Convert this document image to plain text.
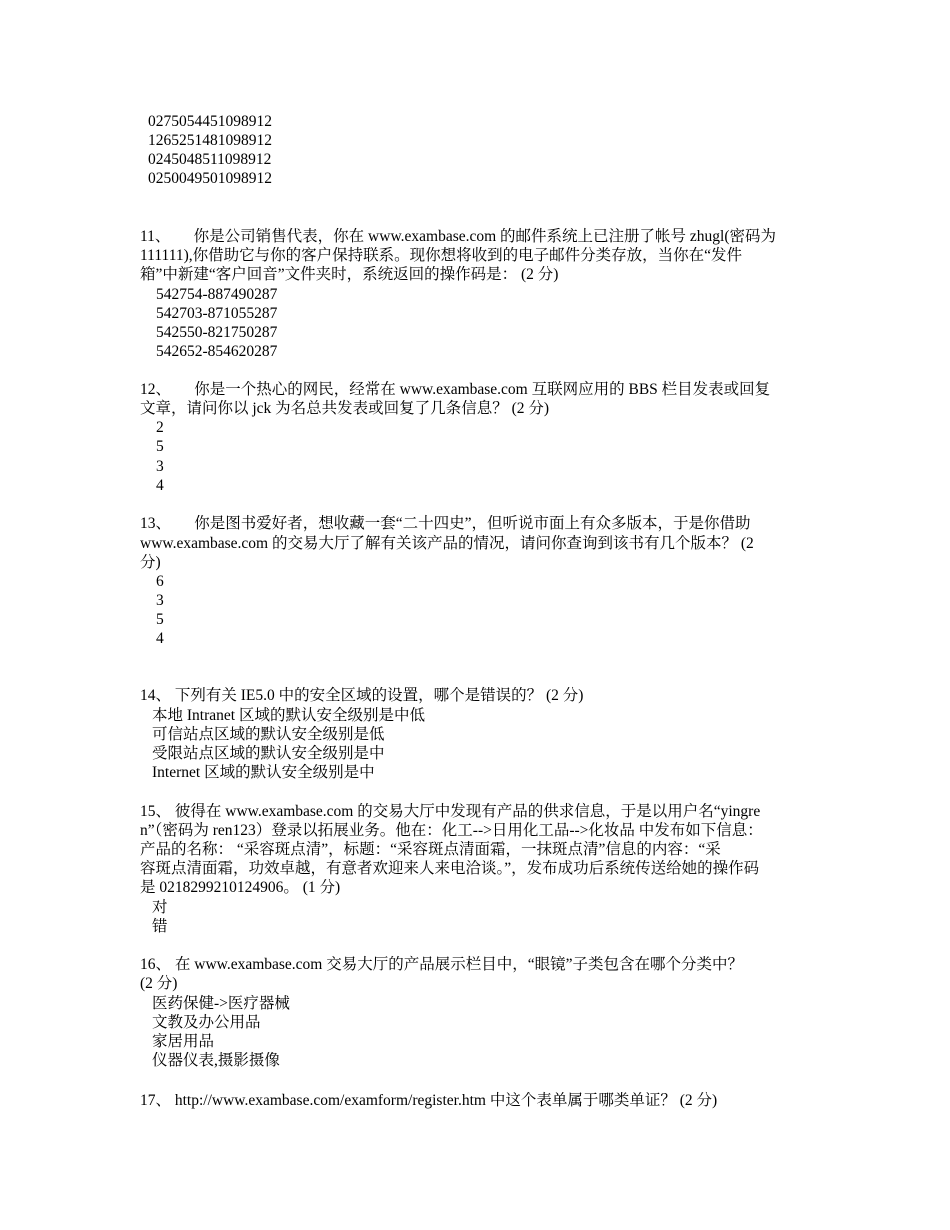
0275054451098912
1265251481098912
0245048511098912
0250049501098912
11、　　你是公司销售代表，你在 www.exambase.com 的邮件系统上已注册了帐号 zhugl(密码为
111111),你借助它与你的客户保持联系。现你想将收到的电子邮件分类存放，当你在“发件
箱”中新建“客户回音”文件夹时，系统返回的操作码是： (2 分)
542754-887490287
542703-871055287
542550-821750287
542652-854620287
12、　　你是一个热心的网民，经常在 www.exambase.com 互联网应用的 BBS 栏目发表或回复
文章，请问你以 jck 为名总共发表或回复了几条信息？ (2 分)
2
5
3
4
13、　　你是图书爱好者，想收藏一套“二十四史”，但听说市面上有众多版本，于是你借助
www.exambase.com 的交易大厅了解有关该产品的情况，请问你查询到该书有几个版本？ (2
分)
6
3
5
4
14、 下列有关 IE5.0 中的安全区域的设置，哪个是错误的？ (2 分)
本地 Intranet 区域的默认安全级别是中低
可信站点区域的默认安全级别是低
受限站点区域的默认安全级别是中
Internet 区域的默认安全级别是中
15、 彼得在 www.exambase.com 的交易大厅中发现有产品的供求信息，于是以用户名“yingre
n”（密码为 ren123）登录以拓展业务。他在：化工-->日用化工品-->化妆品 中发布如下信息：
产品的名称： “采容斑点清”，标题：“采容斑点清面霜，一抹斑点清”信息的内容：“采
容斑点清面霜，功效卓越，有意者欢迎来人来电洽谈。”，发布成功后系统传送给她的操作码
是 0218299210124906。 (1 分)
对
错
16、 在 www.exambase.com 交易大厅的产品展示栏目中，“眼镜”子类包含在哪个分类中？
(2 分)
医药保健->医疗器械
文教及办公用品
家居用品
仪器仪表,摄影摄像
17、 http://www.exambase.com/examform/register.htm 中这个表单属于哪类单证？ (2 分)
